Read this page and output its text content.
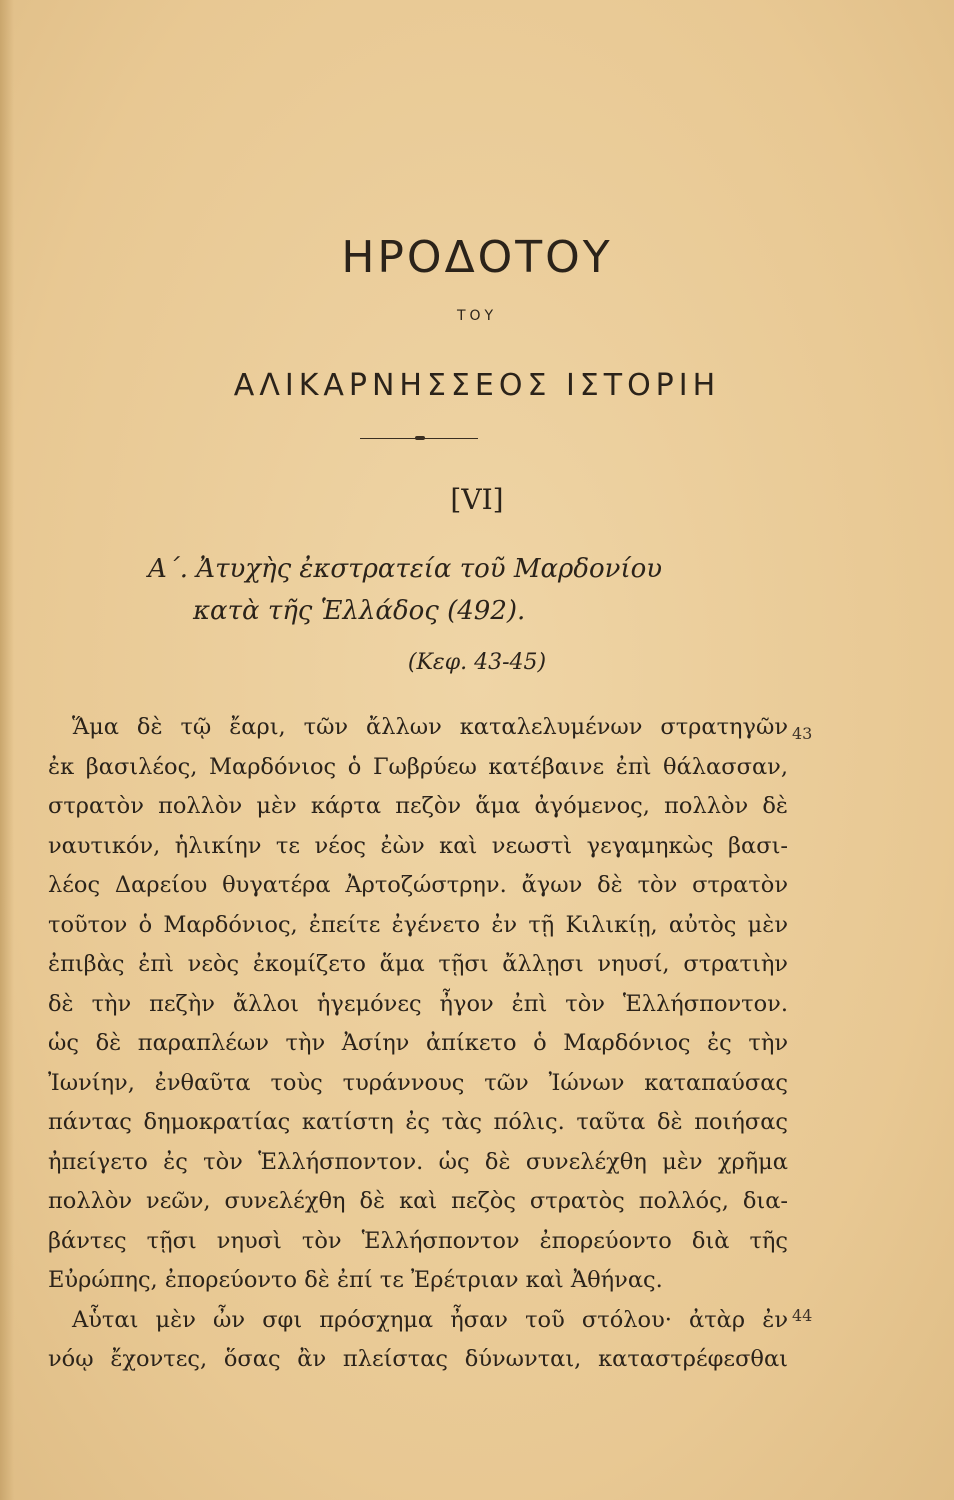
ΗΡΟΔΟΤΟΥ
ΤΟΥ
ΑΛΙΚΑΡΝΗΣΣΕΟΣ ΙΣΤΟΡΙΗ
[VI]
Α΄. Ἀτυχὴς ἐκστρατεία τοῦ Μαρδονίου
κατὰ τῆς Ἑλλάδος (492).
(Κεφ. 43-45)
Ἅμα δὲ τῷ ἔαρι, τῶν ἄλλων καταλελυμένων στρατηγῶν
ἐκ βασιλέος, Μαρδόνιος ὁ Γωβρύεω κατέβαινε ἐπὶ θάλασσαν,
στρατὸν πολλὸν μὲν κάρτα πεζὸν ἅμα ἀγόμενος, πολλὸν δὲ
ναυτικόν, ἡλικίην τε νέος ἐὼν καὶ νεωστὶ γεγαμηκὼς βασι-
λέος Δαρείου θυγατέρα Ἀρτοζώστρην. ἄγων δὲ τὸν στρατὸν
τοῦτον ὁ Μαρδόνιος, ἐπείτε ἐγένετο ἐν τῇ Κιλικίῃ, αὐτὸς μὲν
ἐπιβὰς ἐπὶ νεὸς ἐκομίζετο ἅμα τῇσι ἄλλῃσι νηυσί, στρατιὴν
δὲ τὴν πεζὴν ἄλλοι ἡγεμόνες ἦγον ἐπὶ τὸν Ἑλλήσποντον.
ὡς δὲ παραπλέων τὴν Ἀσίην ἀπίκετο ὁ Μαρδόνιος ἐς τὴν
Ἰωνίην, ἐνθαῦτα τοὺς τυράννους τῶν Ἰώνων καταπαύσας
πάντας δημοκρατίας κατίστη ἐς τὰς πόλις. ταῦτα δὲ ποιήσας
ἠπείγετο ἐς τὸν Ἑλλήσποντον. ὡς δὲ συνελέχθη μὲν χρῆμα
πολλὸν νεῶν, συνελέχθη δὲ καὶ πεζὸς στρατὸς πολλός, δια-
βάντες τῇσι νηυσὶ τὸν Ἑλλήσποντον ἐπορεύοντο διὰ τῆς
Εὐρώπης, ἐπορεύοντο δὲ ἐπί τε Ἐρέτριαν καὶ Ἀθήνας.
Αὗται μὲν ὦν σφι πρόσχημα ἦσαν τοῦ στόλου· ἀτὰρ ἐν
νόῳ ἔχοντες, ὅσας ἂν πλείστας δύνωνται, καταστρέφεσθαι
43
44
